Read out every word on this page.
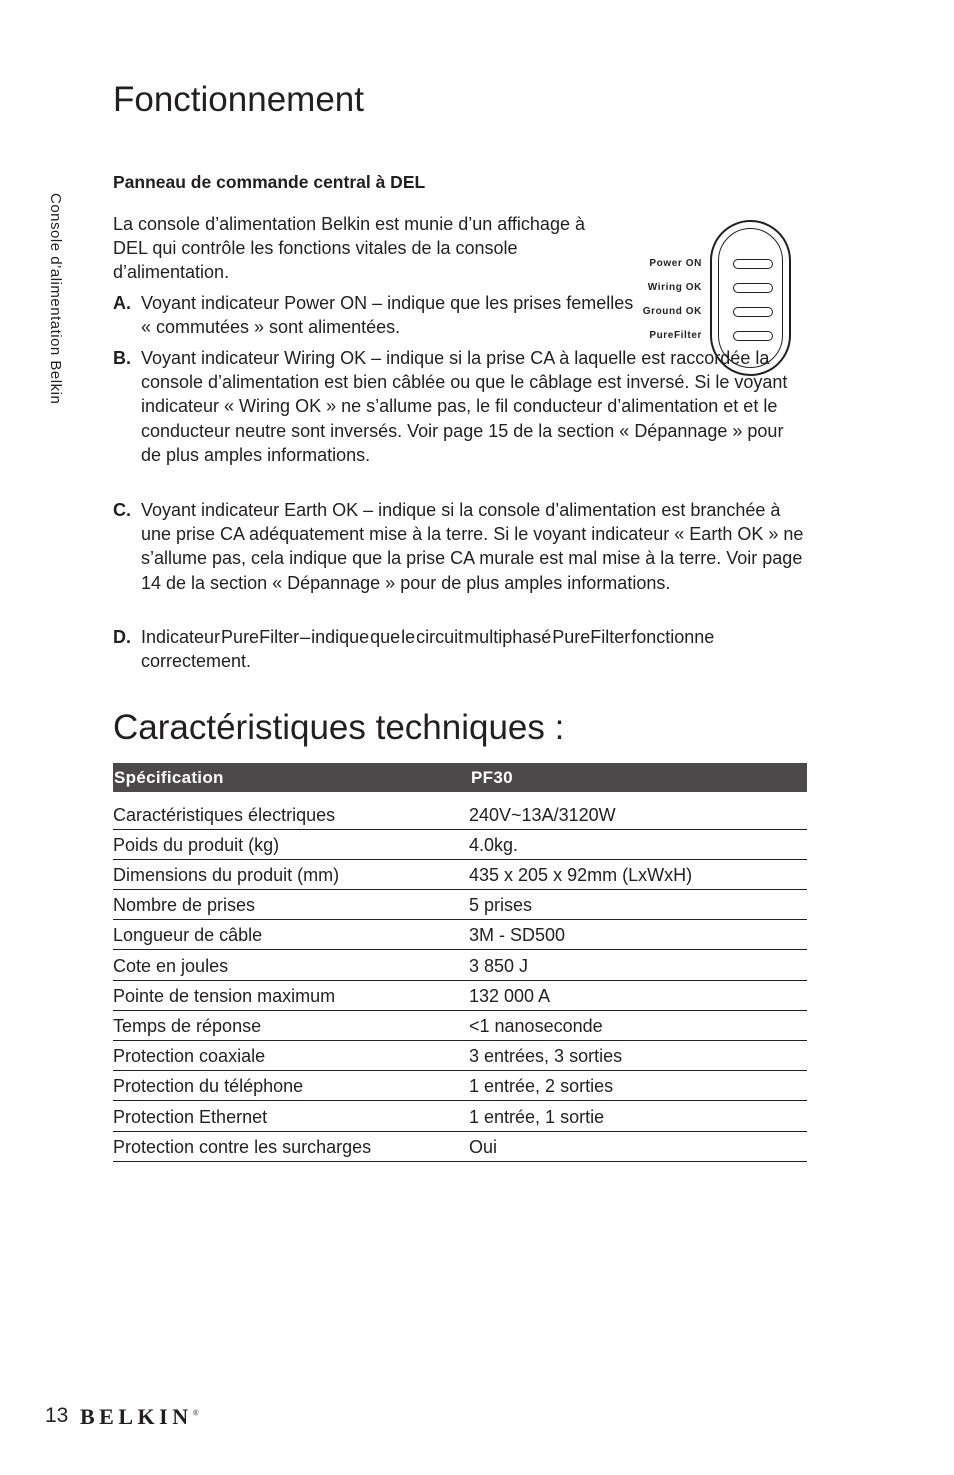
Console d’alimentation Belkin
Fonctionnement
Panneau de commande central à DEL

La console d’alimentation Belkin est munie d’un affichage à DEL qui contrôle les fonctions vitales de la console d’alimentation.

A. Voyant indicateur Power ON – indique que les prises femelles « commutées » sont alimentées.
B. Voyant indicateur Wiring OK – indique si la prise CA à laquelle est raccordée la console d’alimentation est bien câblée ou que le câblage est inversé. Si le voyant indicateur « Wiring OK » ne s’allume pas, le fil conducteur d’alimentation et et le conducteur neutre sont inversés. Voir page 15 de la section « Dépannage » pour de plus amples informations.
C. Voyant indicateur Earth OK – indique si la console d’alimentation est branchée à une prise CA adéquatement mise à la terre. Si le voyant indicateur « Earth OK » ne s’allume pas, cela indique que la prise CA murale est mal mise à la terre. Voir page 14 de la section « Dépannage » pour de plus amples informations.
D. Indicateur PureFilter – indique que le circuit multiphasé PureFilter fonctionne correctement.
Power ON
Wiring OK
Ground OK
PureFilter
Caractéristiques techniques :
Spécification	PF30

Caractéristiques électriques	240V~13A/3120W
Poids du produit (kg)	4.0kg.
Dimensions du produit (mm)	435 x 205 x 92mm (LxWxH)
Nombre de prises	5 prises
Longueur de câble	3M - SD500
Cote en joules	3 850 J
Pointe de tension maximum	132 000 A
Temps de réponse	<1 nanoseconde
Protection coaxiale	3 entrées, 3 sorties
Protection du téléphone	1 entrée, 2 sorties
Protection Ethernet	1 entrée, 1 sortie
Protection contre les surcharges	Oui
13 BELKIN®
